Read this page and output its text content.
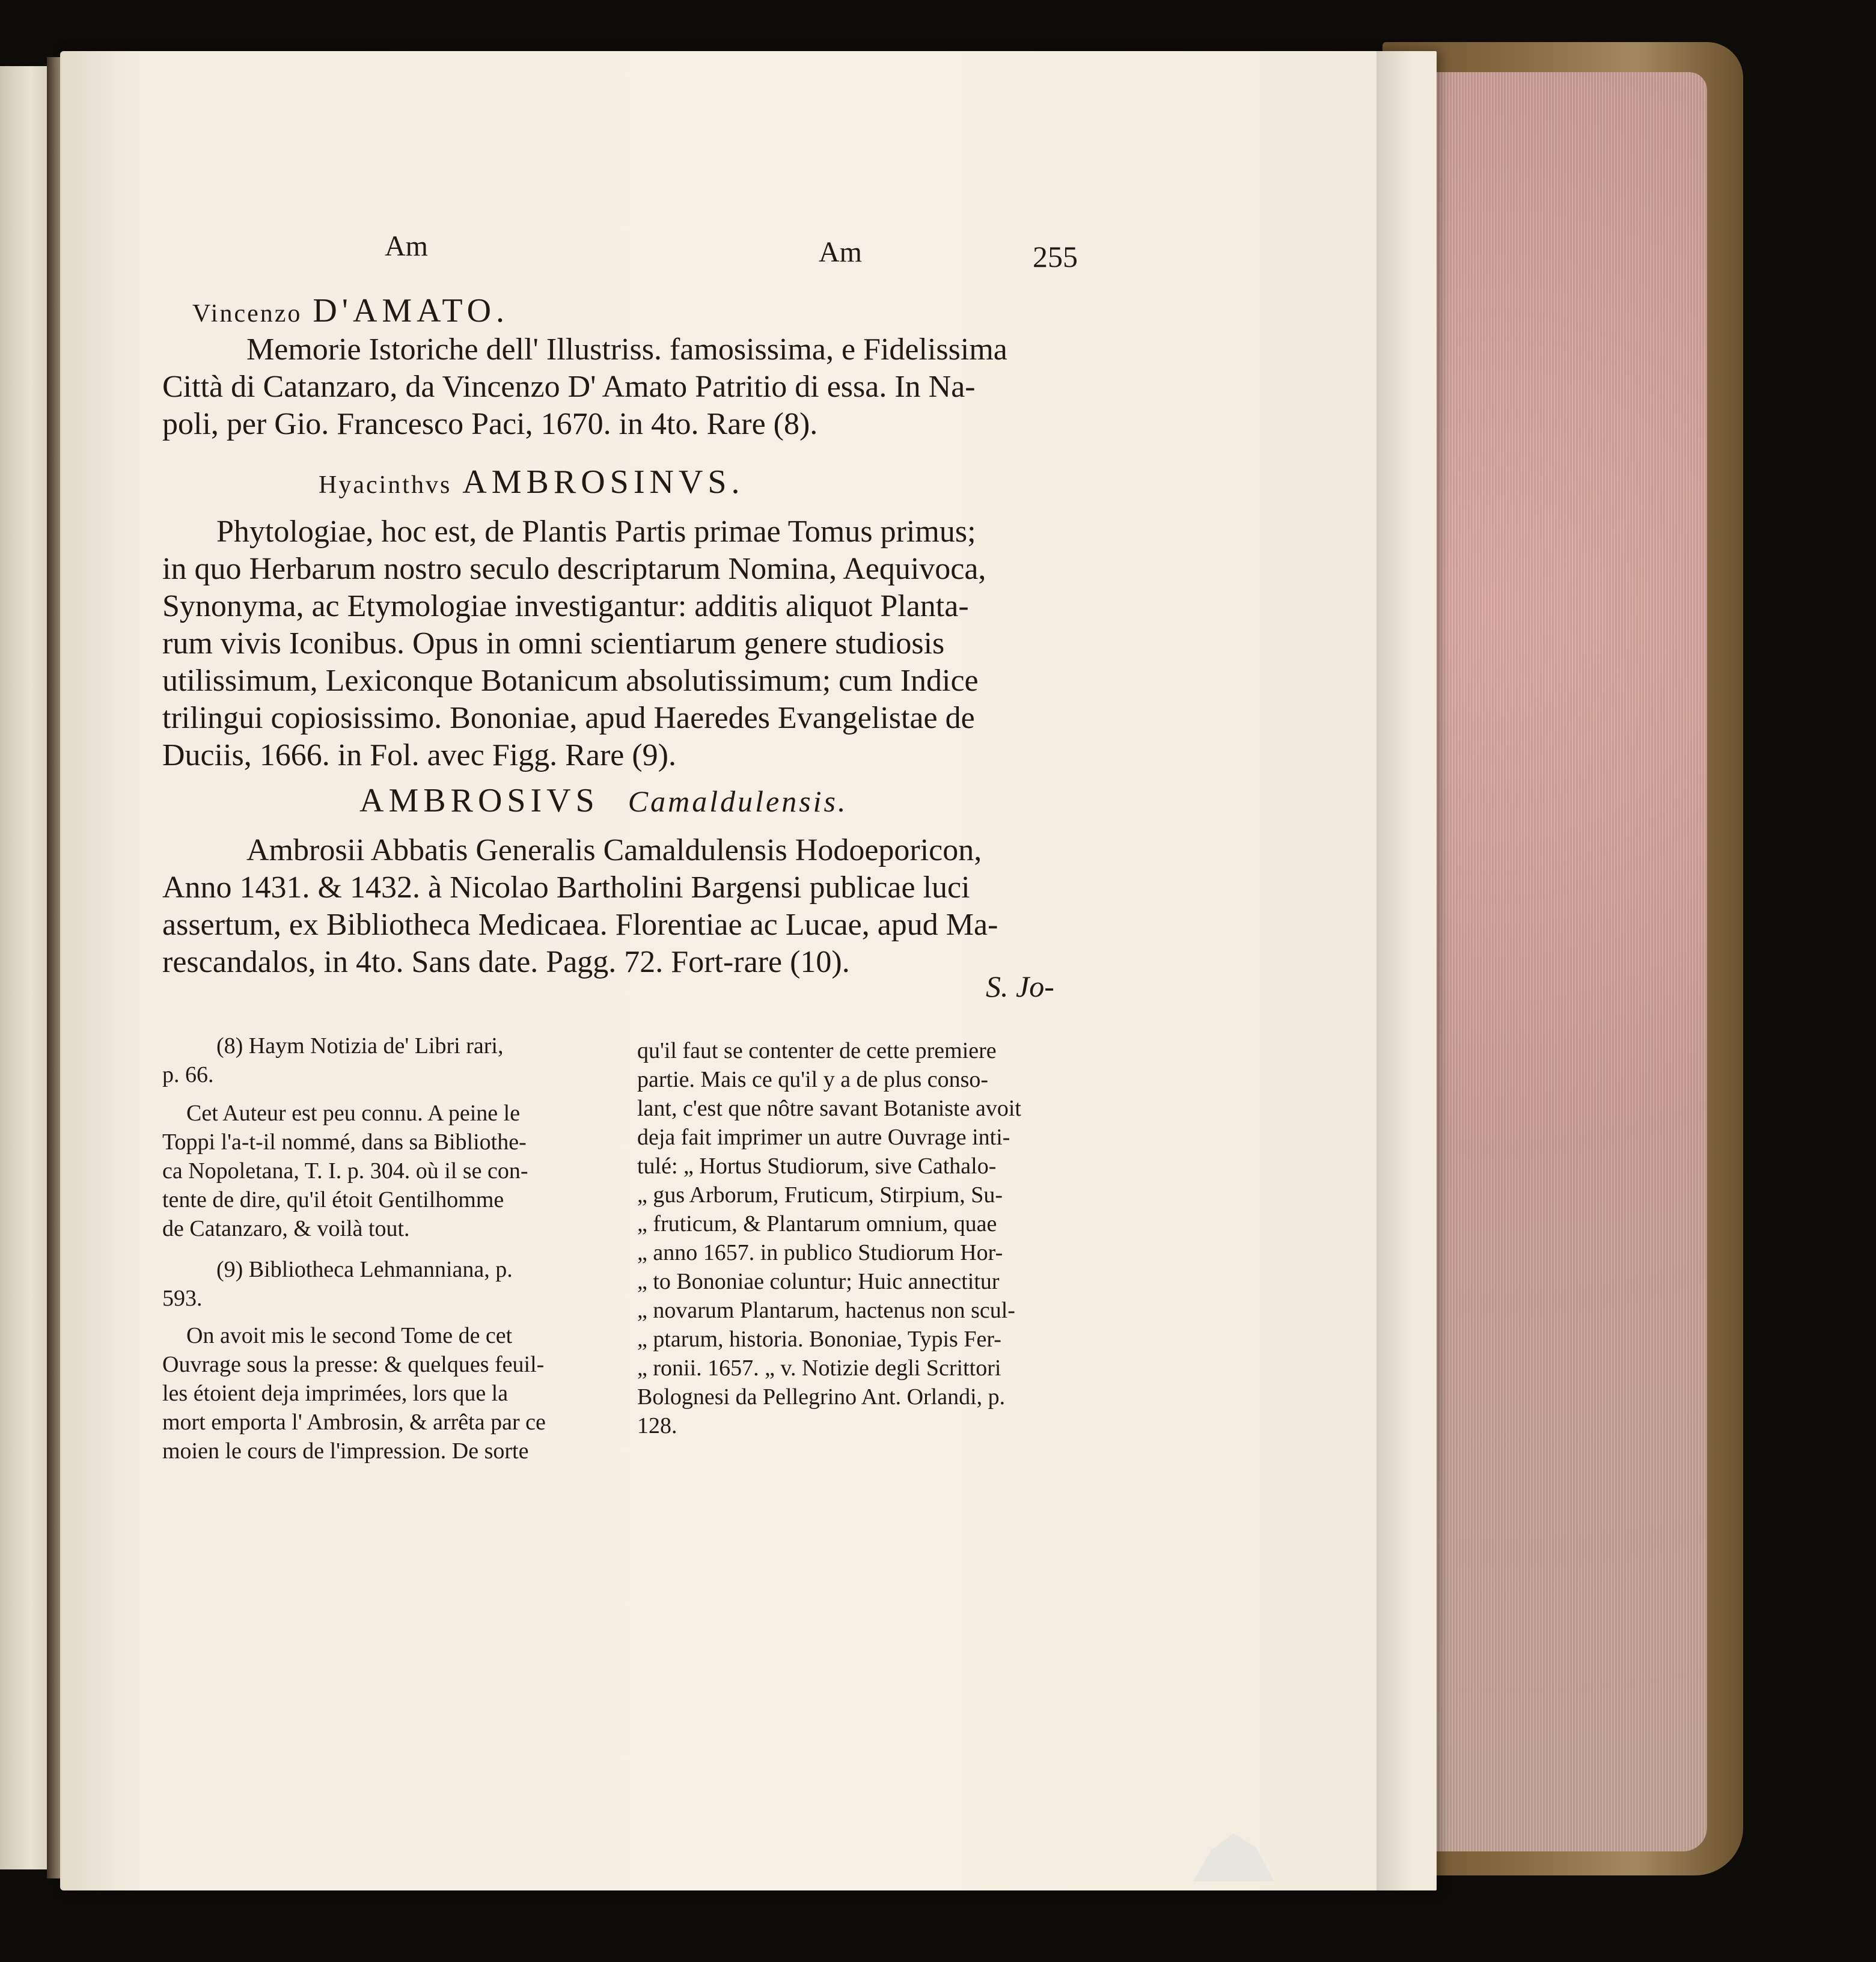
Am	Am	255
Vincenzo D'AMATO.
Memorie Istoriche dell' Illustriss. famosissima, e Fidelissima
Città di Catanzaro, da Vincenzo D' Amato Patritio di essa. In Na-
poli, per Gio. Francesco Paci, 1670. in 4to. Rare (8).
Hyacinthvs AMBROSINVS.
Phytologiae, hoc est, de Plantis Partis primae Tomus primus;
in quo Herbarum nostro seculo descriptarum Nomina, Aequivoca,
Synonyma, ac Etymologiae investigantur: additis aliquot Planta-
rum vivis Iconibus. Opus in omni scientiarum genere studiosis
utilissimum, Lexiconque Botanicum absolutissimum; cum Indice
trilingui copiosissimo. Bononiae, apud Haeredes Evangelistae de
Duciis, 1666. in Fol. avec Figg. Rare (9).
AMBROSIVS Camaldulensis.
Ambrosii Abbatis Generalis Camaldulensis Hodoeporicon,
Anno 1431. & 1432. à Nicolao Bartholini Bargensi publicae luci
assertum, ex Bibliotheca Medicaea. Florentiae ac Lucae, apud Ma-
rescandalos, in 4to. Sans date. Pagg. 72. Fort-rare (10).
S. Jo-
(8) Haym Notizia de' Libri rari,
p. 66.
Cet Auteur est peu connu. A peine le
Toppi l'a-t-il nommé, dans sa Bibliothe-
ca Nopoletana, T. I. p. 304. où il se con-
tente de dire, qu'il étoit Gentilhomme
de Catanzaro, & voilà tout.
(9) Bibliotheca Lehmanniana, p.
593.
On avoit mis le second Tome de cet
Ouvrage sous la presse: & quelques feuil-
les étoient deja imprimées, lors que la
mort emporta l' Ambrosin, & arrêta par ce
moien le cours de l'impression. De sorte
qu'il faut se contenter de cette premiere
partie. Mais ce qu'il y a de plus conso-
lant, c'est que nôtre savant Botaniste avoit
deja fait imprimer un autre Ouvrage inti-
tulé: „ Hortus Studiorum, sive Cathalo-
„ gus Arborum, Fruticum, Stirpium, Su-
„ fruticum, & Plantarum omnium, quae
„ anno 1657. in publico Studiorum Hor-
„ to Bononiae coluntur; Huic annectitur
„ novarum Plantarum, hactenus non scul-
„ ptarum, historia. Bononiae, Typis Fer-
„ ronii. 1657. „ v. Notizie degli Scrittori
Bolognesi da Pellegrino Ant. Orlandi, p.
128.
